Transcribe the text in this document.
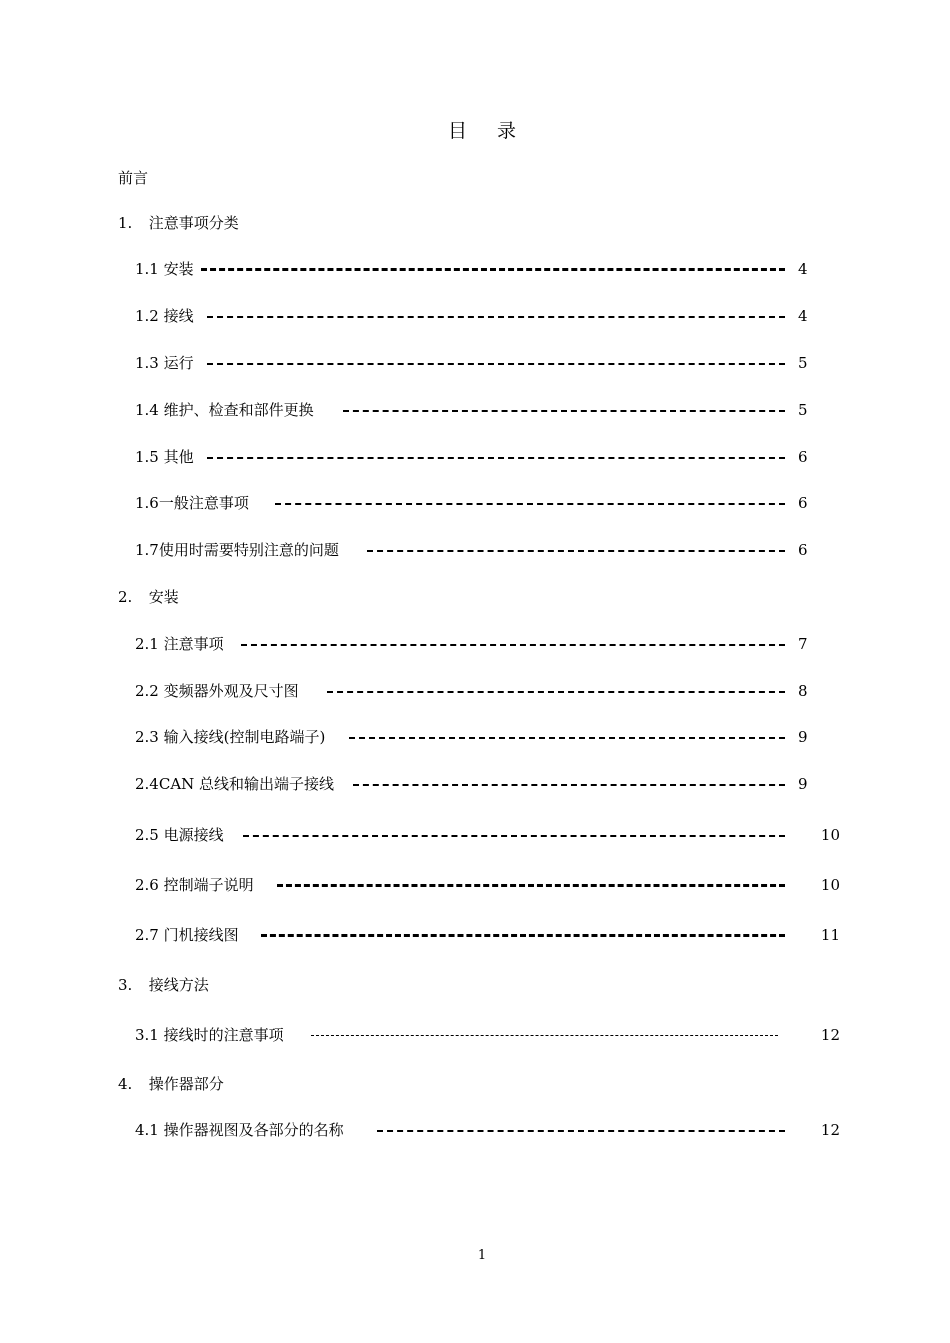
目 录
前言
1. 注意事项分类
1.1 安装	4
1.2 接线	4
1.3 运行	5
1.4 维护、检查和部件更换	5
1.5 其他	6
1.6一般注意事项	6
1.7使用时需要特别注意的问题	6
2. 安装
2.1 注意事项	7
2.2 变频器外观及尺寸图	8
2.3 输入接线(控制电路端子)	9
2.4CAN 总线和输出端子接线	9
2.5 电源接线	10
2.6 控制端子说明	10
2.7 门机接线图	11
3. 接线方法
3.1 接线时的注意事项	12
4. 操作器部分
4.1 操作器视图及各部分的名称	12
1
